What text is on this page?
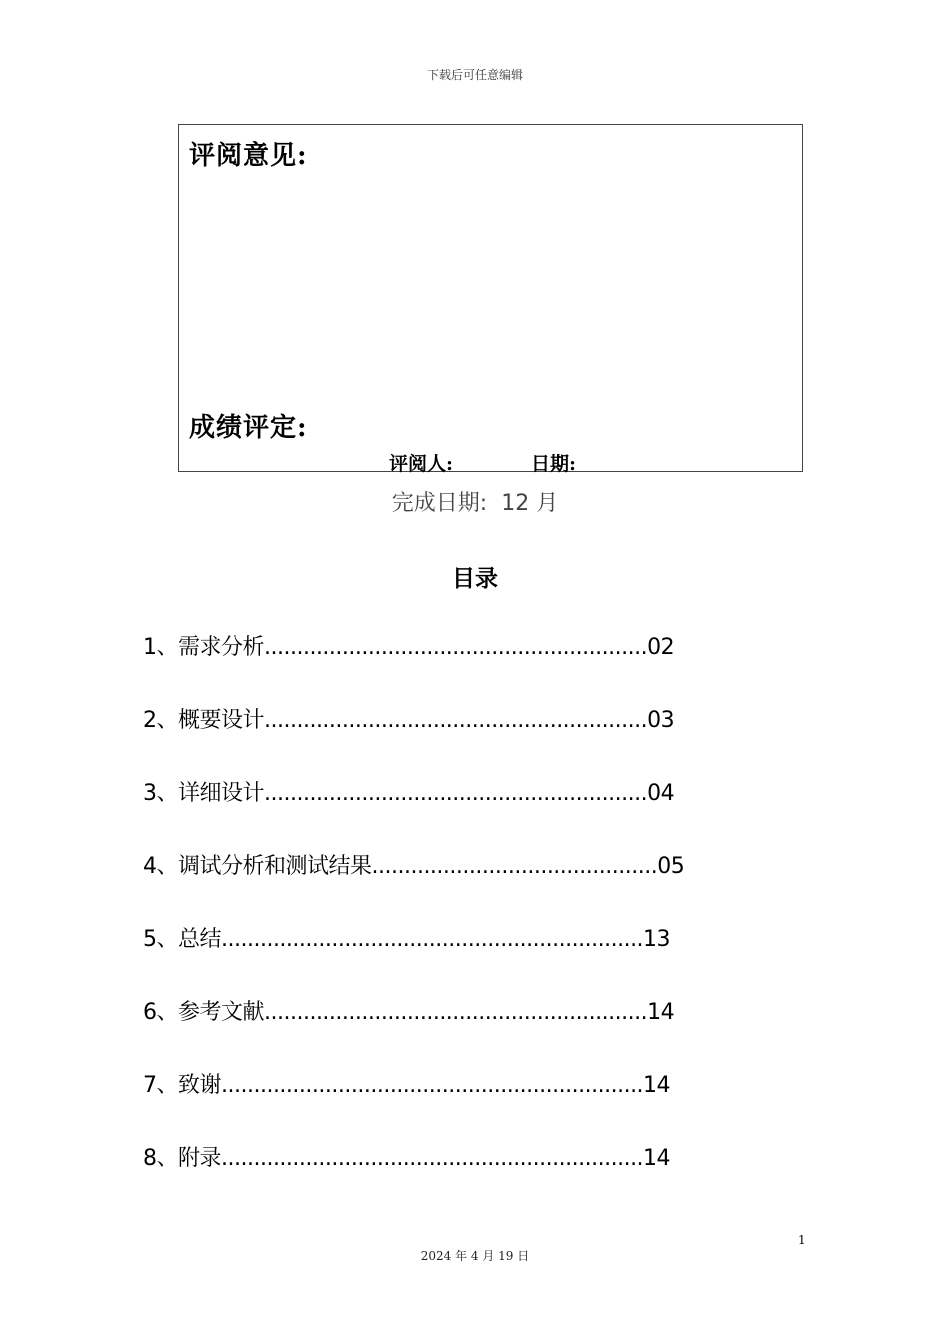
下载后可任意编辑
评阅意见:
成绩评定:
评阅人:	日期:
完成日期: 12 月
目录
1、需求分析...........................................................02
2、概要设计...........................................................03
3、详细设计...........................................................04
4、调试分析和测试结果............................................05
5、总结.................................................................13
6、参考文献...........................................................14
7、致谢.................................................................14
8、附录.................................................................14
1
2024 年 4 月 19 日
